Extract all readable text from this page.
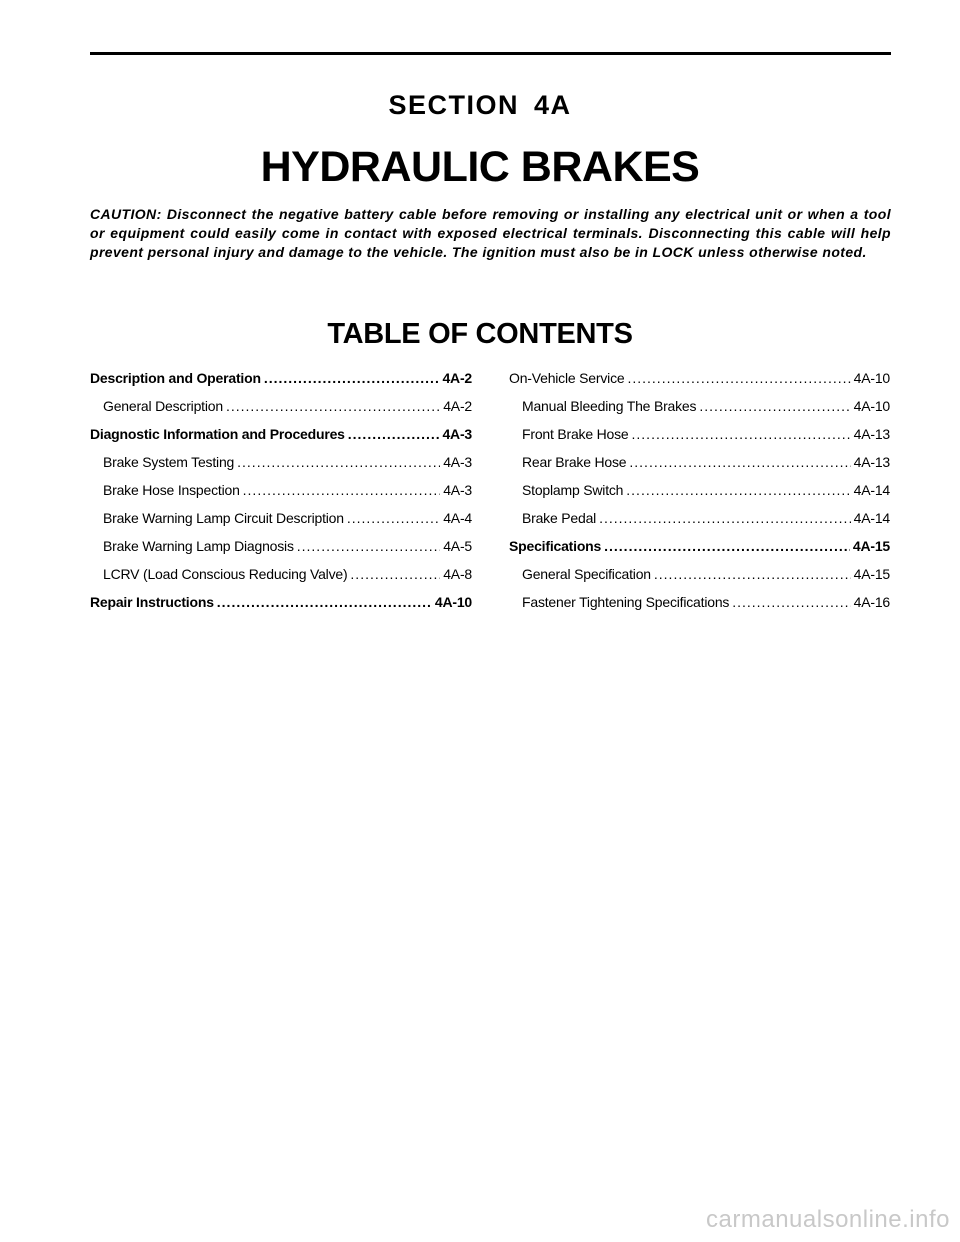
SECTION 4A
HYDRAULIC BRAKES
CAUTION: Disconnect the negative battery cable before removing or installing any electrical unit or when a tool or equipment could easily come in contact with exposed electrical terminals. Disconnecting this cable will help prevent personal injury and damage to the vehicle. The ignition must also be in LOCK unless otherwise noted.
TABLE OF CONTENTS
Description and Operation .....	4A-2
General Description .....	4A-2
Diagnostic Information and Procedures .....	4A-3
Brake System Testing .....	4A-3
Brake Hose Inspection .....	4A-3
Brake Warning Lamp Circuit Description .....	4A-4
Brake Warning Lamp Diagnosis .....	4A-5
LCRV (Load Conscious Reducing Valve) .....	4A-8
Repair Instructions .....	4A-10
On-Vehicle Service .....	4A-10
Manual Bleeding The Brakes .....	4A-10
Front Brake Hose .....	4A-13
Rear Brake Hose .....	4A-13
Stoplamp Switch .....	4A-14
Brake Pedal .....	4A-14
Specifications .....	4A-15
General Specification .....	4A-15
Fastener Tightening Specifications .....	4A-16
carmanualsonline.info
